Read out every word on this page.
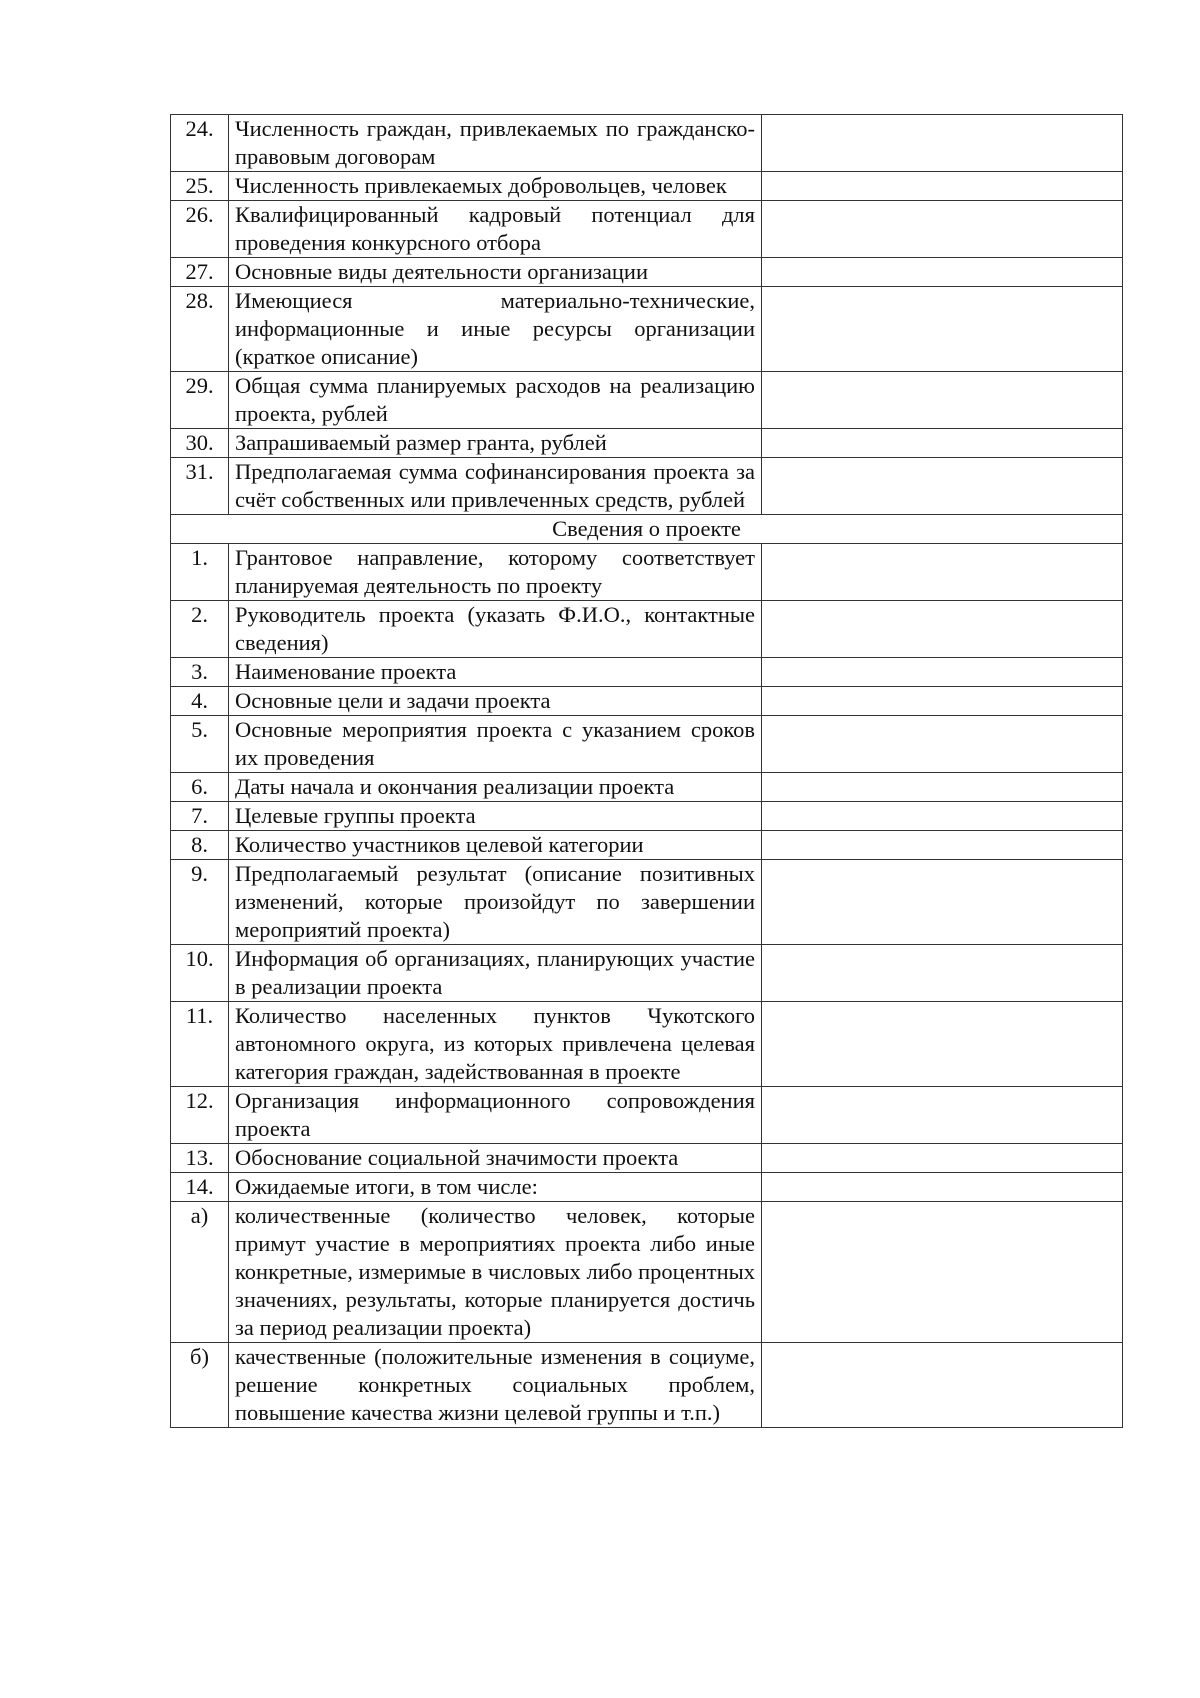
24.	Численность граждан, привлекаемых по гражданско-правовым договорам	
25.	Численность привлекаемых добровольцев, человек	
26.	Квалифицированный кадровый потенциал для проведения конкурсного отбора	
27.	Основные виды деятельности организации	
28.	Имеющиеся материально-технические, информационные и иные ресурсы организации (краткое описание)	
29.	Общая сумма планируемых расходов на реализацию проекта, рублей	
30.	Запрашиваемый размер гранта, рублей	
31.	Предполагаемая сумма софинансирования проекта за счёт собственных или привлеченных средств, рублей	
Сведения о проекте		
1.	Грантовое направление, которому соответствует планируемая деятельность по проекту	
2.	Руководитель проекта (указать Ф.И.О., контактные сведения)	
3.	Наименование проекта	
4.	Основные цели и задачи проекта	
5.	Основные мероприятия проекта с указанием сроков их проведения	
6.	Даты начала и окончания реализации проекта	
7.	Целевые группы проекта	
8.	Количество участников целевой категории	
9.	Предполагаемый результат (описание позитивных изменений, которые произойдут по завершении мероприятий проекта)	
10.	Информация об организациях, планирующих участие в реализации проекта	
11.	Количество населенных пунктов Чукотского автономного округа, из которых привлечена целевая категория граждан, задействованная в проекте	
12.	Организация информационного сопровождения проекта	
13.	Обоснование социальной значимости проекта	
14.	Ожидаемые итоги, в том числе:	
а)	количественные (количество человек, которые примут участие в мероприятиях проекта либо иные конкретные, измеримые в числовых либо процентных значениях, результаты, которые планируется достичь за период реализации проекта)	
б)	качественные (положительные изменения в социуме, решение конкретных социальных проблем, повышение качества жизни целевой группы и т.п.)	
